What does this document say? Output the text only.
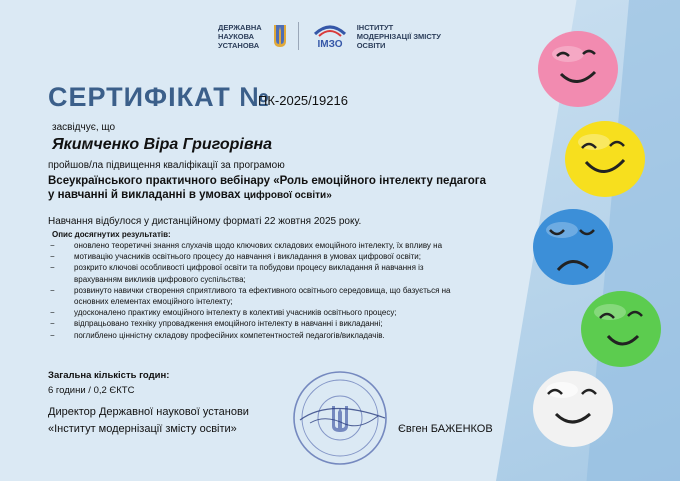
ДЕРЖАВНА
НАУКОВА
УСТАНОВА	ІМЗО
ІНСТИТУТ
МОДЕРНІЗАЦІЇ ЗМІСТУ
ОСВІТИ
СЕРТИФІКАТ №
ПК-2025/19216
засвідчує, що
Якимченко Віра Григорівна
пройшов/ла підвищення кваліфікації за програмою
Всеукраїнського практичного вебінару «Роль емоційного інтелекту педагога
у навчанні й викладанні в умовах цифрової освіти»
Навчання відбулося у дистанційному форматі 22 жовтня 2025 року.
Опис досягнутих результатів:
− оновлено теоретичні знання слухачів щодо ключових складових емоційного інтелекту, їх впливу на
− мотивацію учасників освітнього процесу до навчання і викладання в умовах цифрової освіти;
− розкрито ключові особливості цифрової освіти та побудови процесу викладання й навчання із
врахуванням викликів цифрового суспільства;
− розвинуто навички створення сприятливого та ефективного освітнього середовища, що базується на
основних елементах емоційного інтелекту;
− удосконалено практику емоційного інтелекту в колективі учасників освітнього процесу;
− відпрацьовано техніку упровадження емоційного інтелекту в навчанні і викладанні;
− поглиблено цінністну складову професійних компетентностей педагогів/викладачів.
Загальна кількість годин:
6 години / 0,2 ЄКТС
Директор Державної наукової установи
«Інститут модернізації змісту освіти»	Євген БАЖЕНКОВ
